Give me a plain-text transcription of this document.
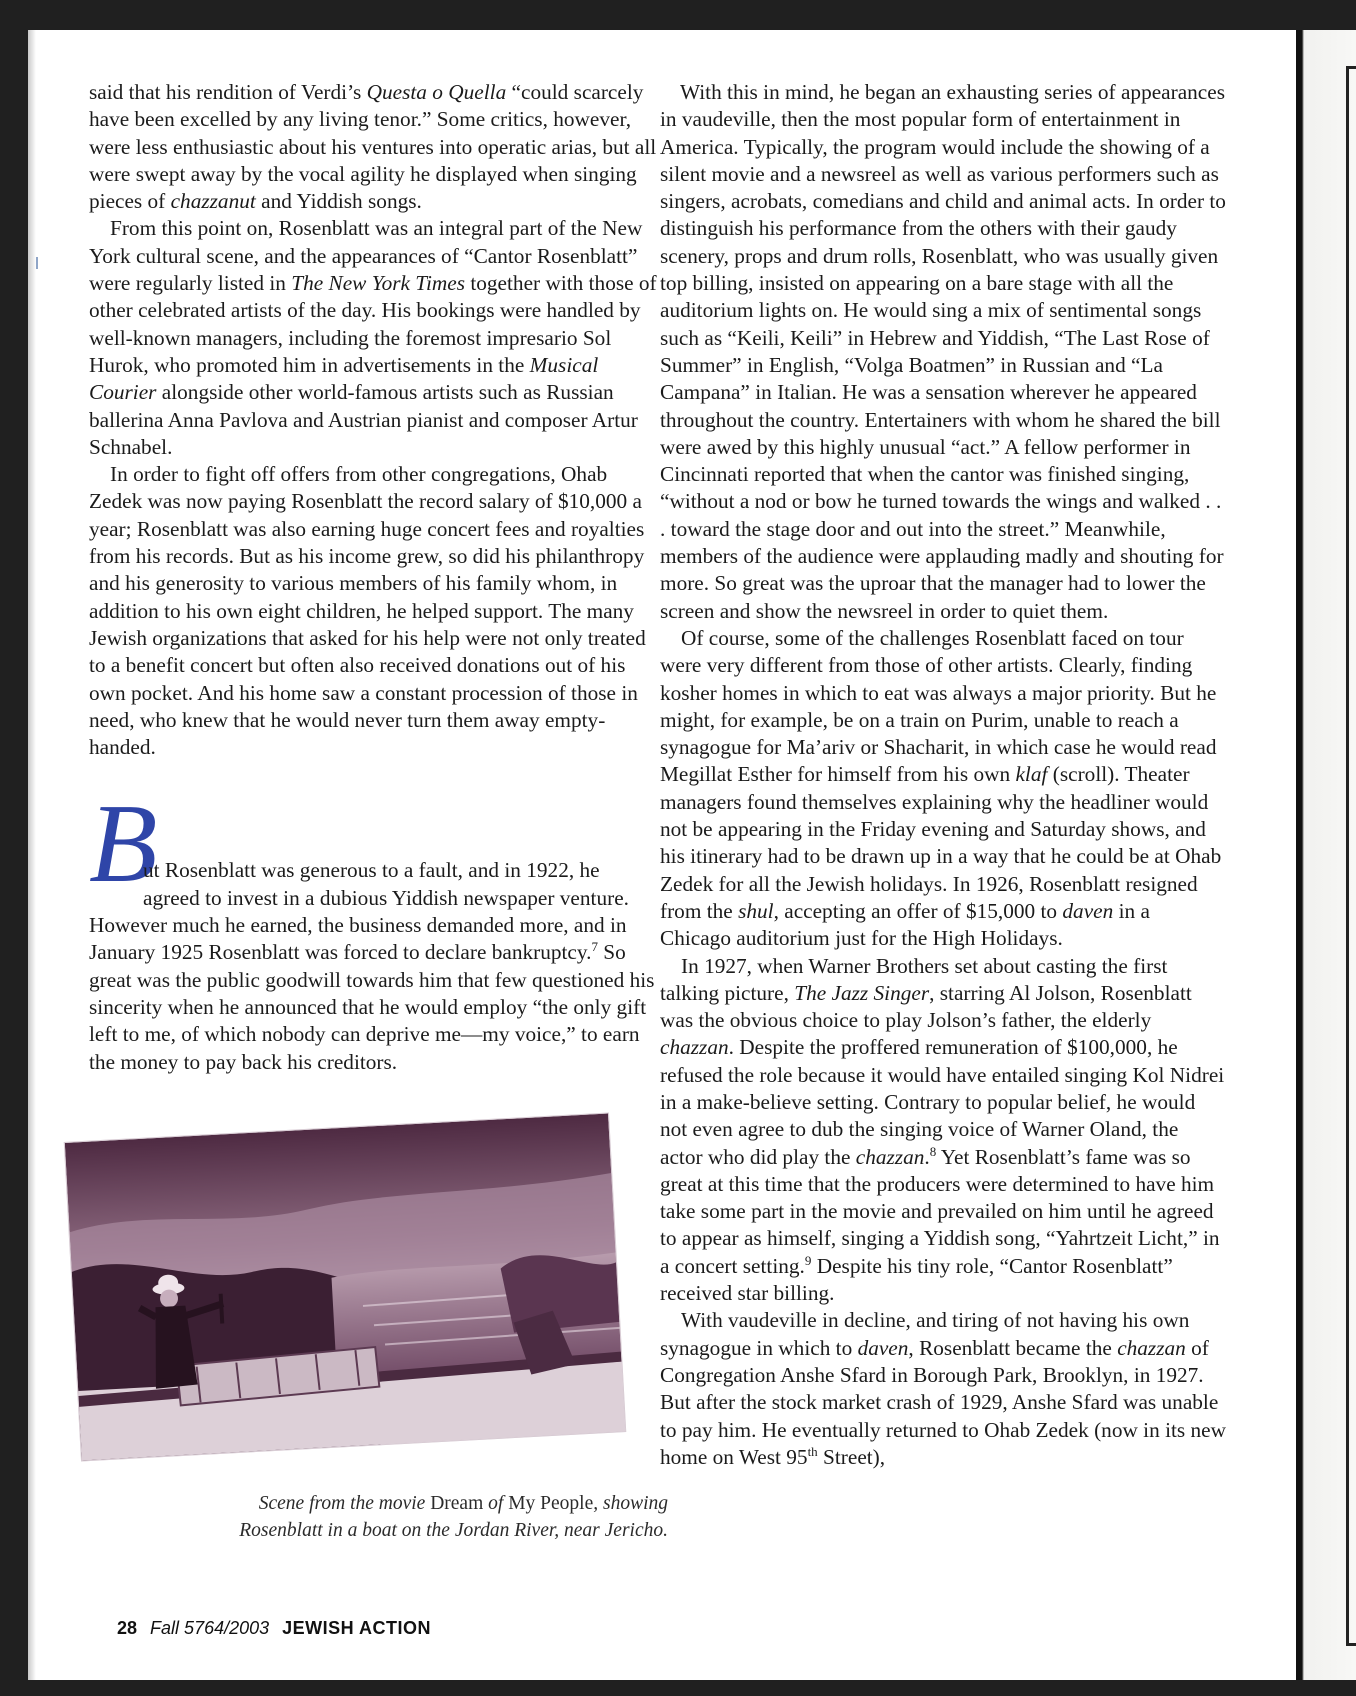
said that his rendition of Verdi’s Questa o Quella “could scarcely have been excelled by any living tenor.” Some critics, however, were less enthusiastic about his ventures into operatic arias, but all were swept away by the vocal agility he displayed when singing pieces of chazzanut and Yiddish songs.

From this point on, Rosenblatt was an integral part of the New York cultural scene, and the appearances of “Cantor Rosenblatt” were regularly listed in The New York Times together with those of other celebrated artists of the day. His bookings were handled by well-known managers, including the foremost impresario Sol Hurok, who promoted him in advertisements in the Musical Courier alongside other world-famous artists such as Russian ballerina Anna Pavlova and Austrian pianist and composer Artur Schnabel.

In order to fight off offers from other congregations, Ohab Zedek was now paying Rosenblatt the record salary of $10,000 a year; Rosenblatt was also earning huge concert fees and royalties from his records. But as his income grew, so did his philanthropy and his generosity to various members of his family whom, in addition to his own eight children, he helped support. The many Jewish organizations that asked for his help were not only treated to a benefit concert but often also received donations out of his own pocket. And his home saw a constant procession of those in need, who knew that he would never turn them away empty-handed.

B

ut Rosenblatt was generous to a fault, and in 1922, he agreed to invest in a dubious Yiddish newspaper venture. However much he earned, the business demanded more, and in January 1925 Rosenblatt was forced to declare bankruptcy.$^7$ So great was the public goodwill towards him that few questioned his sincerity when he announced that he would employ “the only gift left to me, of which nobody can deprive me—my voice,” to earn the money to pay back his creditors.

Scene from the movie Dream of My People, showing
Rosenblatt in a boat on the Jordan River, near Jericho.

With this in mind, he began an exhausting series of appearances in vaudeville, then the most popular form of entertainment in America. Typically, the program would include the showing of a silent movie and a newsreel as well as various performers such as singers, acrobats, comedians and child and animal acts. In order to distinguish his performance from the others with their gaudy scenery, props and drum rolls, Rosenblatt, who was usually given top billing, insisted on appearing on a bare stage with all the auditorium lights on. He would sing a mix of sentimental songs such as “Keili, Keili” in Hebrew and Yiddish, “The Last Rose of Summer” in English, “Volga Boatmen” in Russian and “La Campana” in Italian. He was a sensation wherever he appeared throughout the country. Entertainers with whom he shared the bill were awed by this highly unusual “act.” A fellow performer in Cincinnati reported that when the cantor was finished singing, “without a nod or bow he turned towards the wings and walked . . . toward the stage door and out into the street.” Meanwhile, members of the audience were applauding madly and shouting for more. So great was the uproar that the manager had to lower the screen and show the newsreel in order to quiet them.

Of course, some of the challenges Rosenblatt faced on tour were very different from those of other artists. Clearly, finding kosher homes in which to eat was always a major priority. But he might, for example, be on a train on Purim, unable to reach a synagogue for Ma’ariv or Shacharit, in which case he would read Megillat Esther for himself from his own klaf (scroll). Theater managers found themselves explaining why the headliner would not be appearing in the Friday evening and Saturday shows, and his itinerary had to be drawn up in a way that he could be at Ohab Zedek for all the Jewish holidays. In 1926, Rosenblatt resigned from the shul, accepting an offer of $15,000 to daven in a Chicago auditorium just for the High Holidays.

In 1927, when Warner Brothers set about casting the first talking picture, The Jazz Singer, starring Al Jolson, Rosenblatt was the obvious choice to play Jolson’s father, the elderly chazzan. Despite the proffered remuneration of $100,000, he refused the role because it would have entailed singing Kol Nidrei in a make-believe setting. Contrary to popular belief, he would not even agree to dub the singing voice of Warner Oland, the actor who did play the chazzan.$^8$ Yet Rosenblatt’s fame was so great at this time that the producers were determined to have him take some part in the movie and prevailed on him until he agreed to appear as himself, singing a Yiddish song, “Yahrtzeit Licht,” in a concert setting.$^9$ Despite his tiny role, “Cantor Rosenblatt” received star billing.

With vaudeville in decline, and tiring of not having his own synagogue in which to daven, Rosenblatt became the chazzan of Congregation Anshe Sfard in Borough Park, Brooklyn, in 1927. But after the stock market crash of 1929, Anshe Sfard was unable to pay him. He eventually returned to Ohab Zedek (now in its new home on West 95th Street),

28 Fall 5764/2003 JEWISH ACTION
